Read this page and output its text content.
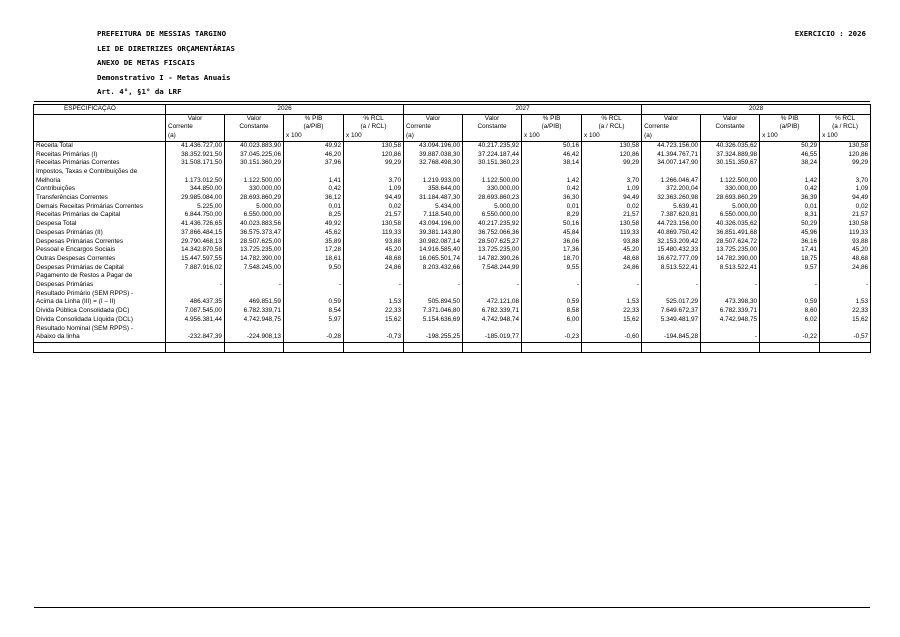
PREFEITURA DE MESSIAS TARGINO
LEI DE DIRETRIZES ORÇAMENTÁRIAS
ANEXO DE METAS FISCAIS
Demonstrativo I - Metas Anuais
Art. 4°, §1° da LRF
EXERCICIO : 2026
ESPECIFICAÇÃO	2026				2027				2028			
	Valor	Valor	% PIB	% RCL	Valor	Valor	% PIB	% RCL	Valor	Valor	% PIB	% RCL
	Corrente	Constante	(a/PIB)	(a / RCL)	Corrente	Constante	(a/PIB)	(a / RCL)	Corrente	Constante	(a/PIB)	(a / RCL)
	(a)		x 100	x 100	(a)		x 100	x 100	(a)		x 100	x 100
Receita Total	41.436.727,00	40.023.883,90	49,92	130,58	43.094.196,00	40.217.235,92	50,16	130,58	44.723.156,00	40.326.035,62	50,29	130,58
Receitas Primárias (I)	38.352.921,50	37.045.225,06	46,20	120,86	39.887.038,30	37.224.187,44	46,42	120,86	41.394.767,71	37.324.889,98	46,55	120,86
Receitas Primárias Correntes	31.508.171,50	30.151.360,29	37,96	99,29	32.768.498,30	30.151.360,23	38,14	99,29	34.007.147,90	30.151.359,67	38,24	99,29
Impostos, Taxas e Contribuições de												
Melhoria	1.173.012,50	1.122.500,00	1,41	3,70	1.219.933,00	1.122.500,00	1,42	3,70	1.266.046,47	1.122.500,00	1,42	3,70
Contribuições	344.850,00	330.000,00	0,42	1,09	358.644,00	330.000,00	0,42	1,09	372.200,04	330.000,00	0,42	1,09
Transferências Correntes	29.985.084,00	28.693.860,29	36,12	94,49	31.184.487,30	28.693.860,23	36,30	94,49	32.363.260,98	28.693.860,29	36,39	94,49
Demais Receitas Primárias Correntes	5.225,00	5.000,00	0,01	0,02	5.434,00	5.000,00	0,01	0,02	5.639,41	5.000,00	0,01	0,02
Receitas Primárias de Capital	6.844.750,00	6.550.000,00	8,25	21,57	7.118.540,00	6.550.000,00	8,29	21,57	7.387.620,81	6.550.000,00	8,31	21,57
Despesa Total	41.436.726,65	40.023.883,56	49,92	130,58	43.094.196,00	40.217.235,92	50,16	130,58	44.723.156,00	40.326.035,62	50,29	130,58
Despesas Primárias (II)	37.866.484,15	36.575.373,47	45,62	119,33	39.381.143,80	36.752.066,36	45,84	119,33	40.869.750,42	36.851.491,68	45,96	119,33
Despesas Primárias Correntes	29.790.468,13	28.507.625,00	35,89	93,88	30.982.087,14	28.507.625,27	36,06	93,88	32.153.209,42	28.507.624,72	36,16	93,88
Pessoal e Encargos Sociais	14.342.870,58	13.725.235,00	17,28	45,20	14.916.585,40	13.725.235,00	17,36	45,20	15.480.432,33	13.725.235,00	17,41	45,20
Outras Despesas Correntes	15.447.597,55	14.782.390,00	18,61	48,68	16.065.501,74	14.782.390,26	18,70	48,68	16.672.777,09	14.782.390,00	18,75	48,68
Despesas Primárias de Capital	7.887.916,02	7.548.245,00	9,50	24,86	8.203.432,66	7.548.244,99	9,55	24,86	8.513.522,41	8.513.522,41	9,57	24,86
Pagamento de Restos a Pagar de												
Despesas Primárias	-	-	-	-	-	-	-	-	-	-	-	-
Resultado Primário (SEM RPPS) -												
Acima da Linha (III) = (I – II)	486.437,35	469.851,59	0,59	1,53	505.894,50	472.121,08	0,59	1,53	525.017,29	473.398,30	0,59	1,53
Dívida Pública Consolidada (DC)	7.087.545,00	6.782.339,71	8,54	22,33	7.371.046,80	6.782.339,71	8,58	22,33	7.649.672,37	6.782.339,71	8,60	22,33
Dívida Consolidada Líquida (DCL)	4.956.381,44	4.742.948,75	5,97	15,62	5.154.636,69	4.742.948,74	6,00	15,62	5.349.481,97	4.742.948,75	6,02	15,62
Resultado Nominal (SEM RPPS) -												
Abaixo da linha	-232.847,39	-224.908,13	-0,28	-0,73	-198.255,25	-185.019,77	-0,23	-0,60	-194.845,28	-	-0,22	-0,57
